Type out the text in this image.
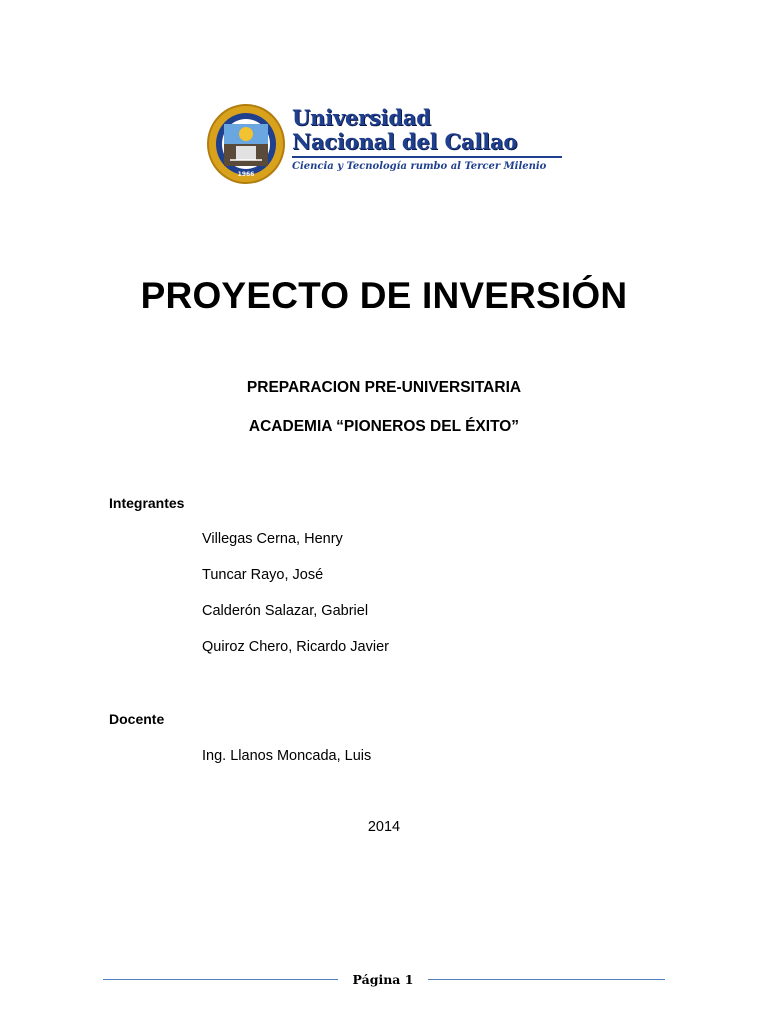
1966
Universidad
Nacional del Callao
Ciencia y Tecnología rumbo al Tercer Milenio
PROYECTO DE INVERSIÓN
PREPARACION PRE-UNIVERSITARIA
ACADEMIA “PIONEROS DEL ÉXITO”
Integrantes
Villegas Cerna, Henry
Tuncar Rayo, José
Calderón Salazar, Gabriel
Quiroz Chero, Ricardo Javier
Docente
Ing. Llanos Moncada, Luis
2014
Página 1
